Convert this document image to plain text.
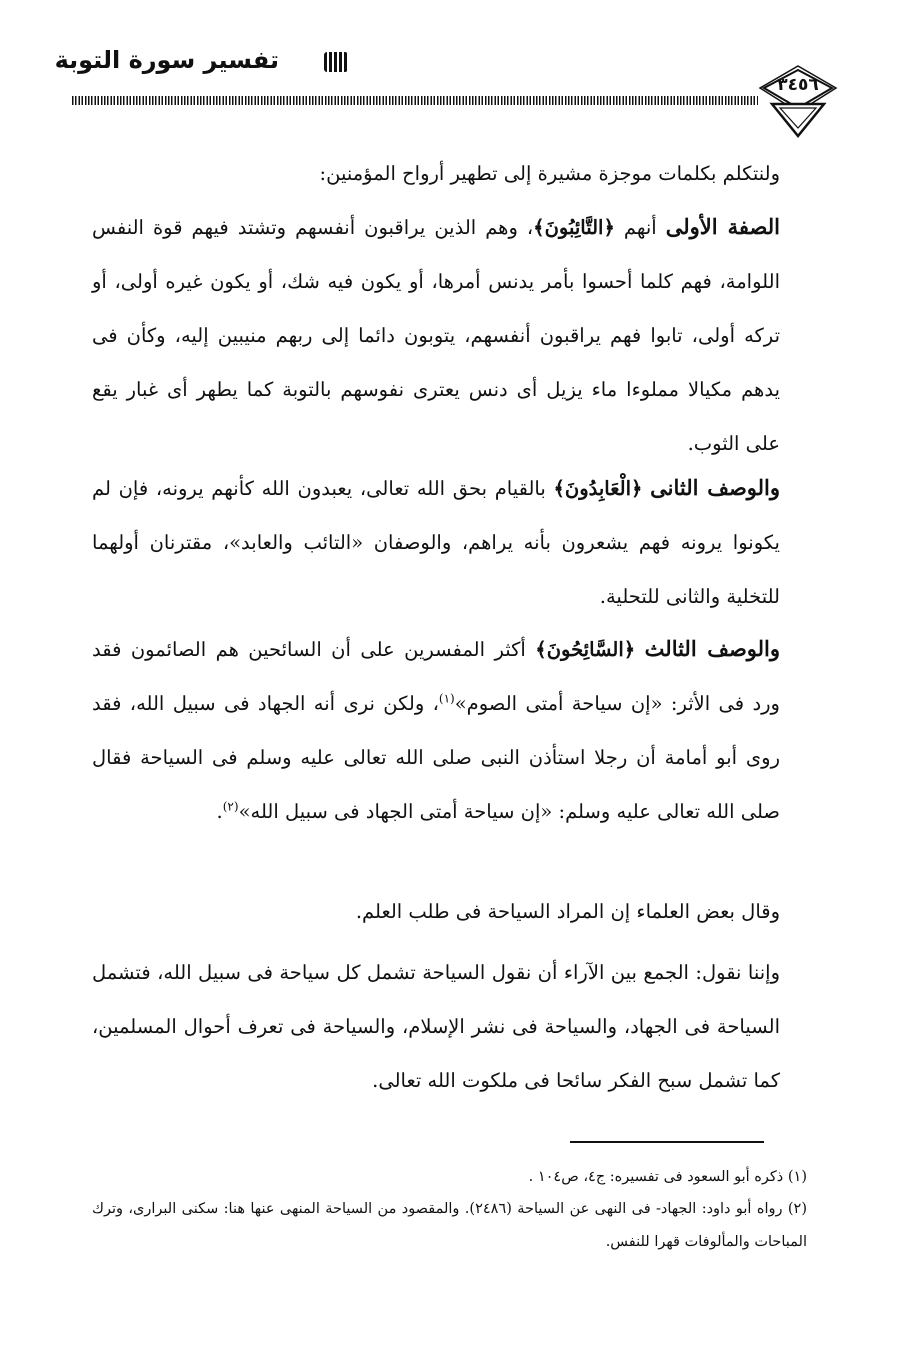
تفسير سورة التوبة
٣٤٥٦

ولنتكلم بكلمات موجزة مشيرة إلى تطهير أرواح المؤمنين:

الصفة الأولى أنهم ﴿التَّائِبُونَ﴾، وهم الذين يراقبون أنفسهم وتشتد فيهم قوة النفس اللوامة، فهم كلما أحسوا بأمر يدنس أمرها، أو يكون فيه شك، أو يكون غيره أولى، أو تركه أولى، تابوا فهم يراقبون أنفسهم، يتوبون دائما إلى ربهم منيبين إليه، وكأن فى يدهم مكيالا مملوءا ماء يزيل أى دنس يعترى نفوسهم بالتوبة كما يطهر أى غبار يقع على الثوب.

والوصف الثانى ﴿الْعَابِدُونَ﴾ بالقيام بحق الله تعالى، يعبدون الله كأنهم يرونه، فإن لم يكونوا يرونه فهم يشعرون بأنه يراهم، والوصفان «التائب والعابد»، مقترنان أولهما للتخلية والثانى للتحلية.

والوصف الثالث ﴿السَّائِحُونَ﴾ أكثر المفسرين على أن السائحين هم الصائمون فقد ورد فى الأثر: «إن سياحة أمتى الصوم»$^{(١)}$، ولكن نرى أنه الجهاد فى سبيل الله، فقد روى أبو أمامة أن رجلا استأذن النبى صلى الله تعالى عليه وسلم فى السياحة فقال صلى الله تعالى عليه وسلم: «إن سياحة أمتى الجهاد فى سبيل الله»$^{(٢)}$.

وقال بعض العلماء إن المراد السياحة فى طلب العلم.

وإننا نقول: الجمع بين الآراء أن نقول السياحة تشمل كل سياحة فى سبيل الله، فتشمل السياحة فى الجهاد، والسياحة فى نشر الإسلام، والسياحة فى تعرف أحوال المسلمين، كما تشمل سبح الفكر سائحا فى ملكوت الله تعالى.

(١) ذكره أبو السعود فى تفسيره: ج٤، ص١٠٤ .

(٢) رواه أبو داود: الجهاد- فى النهى عن السياحة (٢٤٨٦). والمقصود من السياحة المنهى عنها هنا: سكنى البرارى، وترك المباحات والمألوفات قهرا للنفس.
